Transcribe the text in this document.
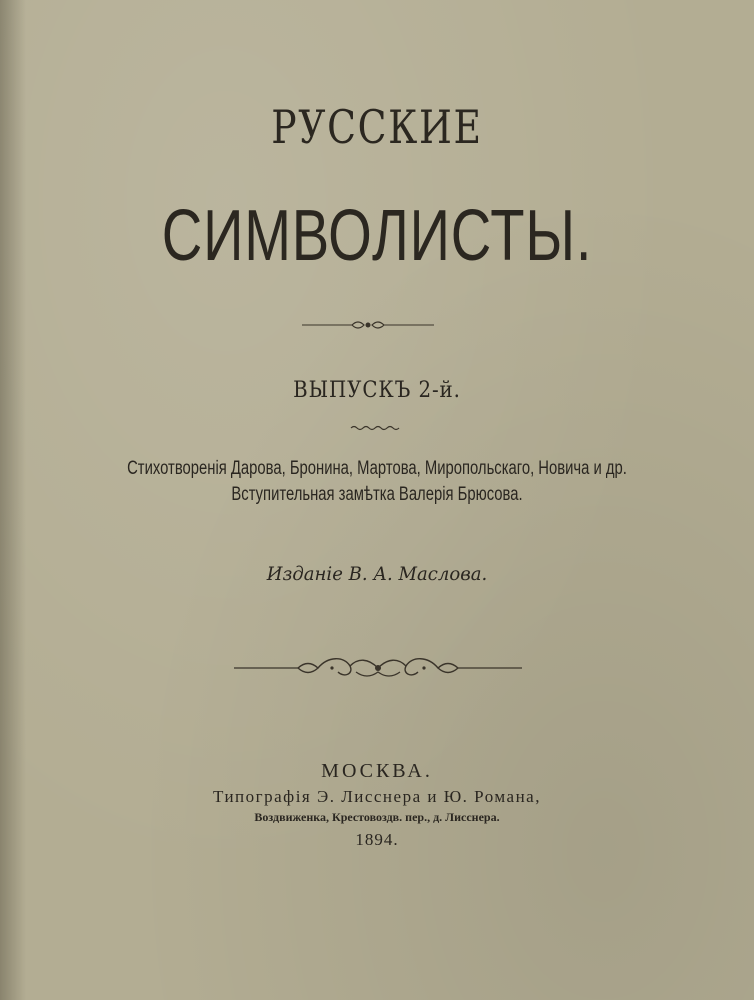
РУССКИЕ
СИМВОЛИСТЫ.
ВЫПУСКЪ 2-й.
Стихотворенія Дарова, Бронина, Мартова, Миропольскаго, Новича и др.
Вступительная замѣтка Валерія Брюсова.
Изданіе В. А. Маслова.
МОСКВА.
Типографія Э. Лисснера и Ю. Романа,
Воздвиженка, Крестовоздв. пер., д. Лисснера.
1894.
